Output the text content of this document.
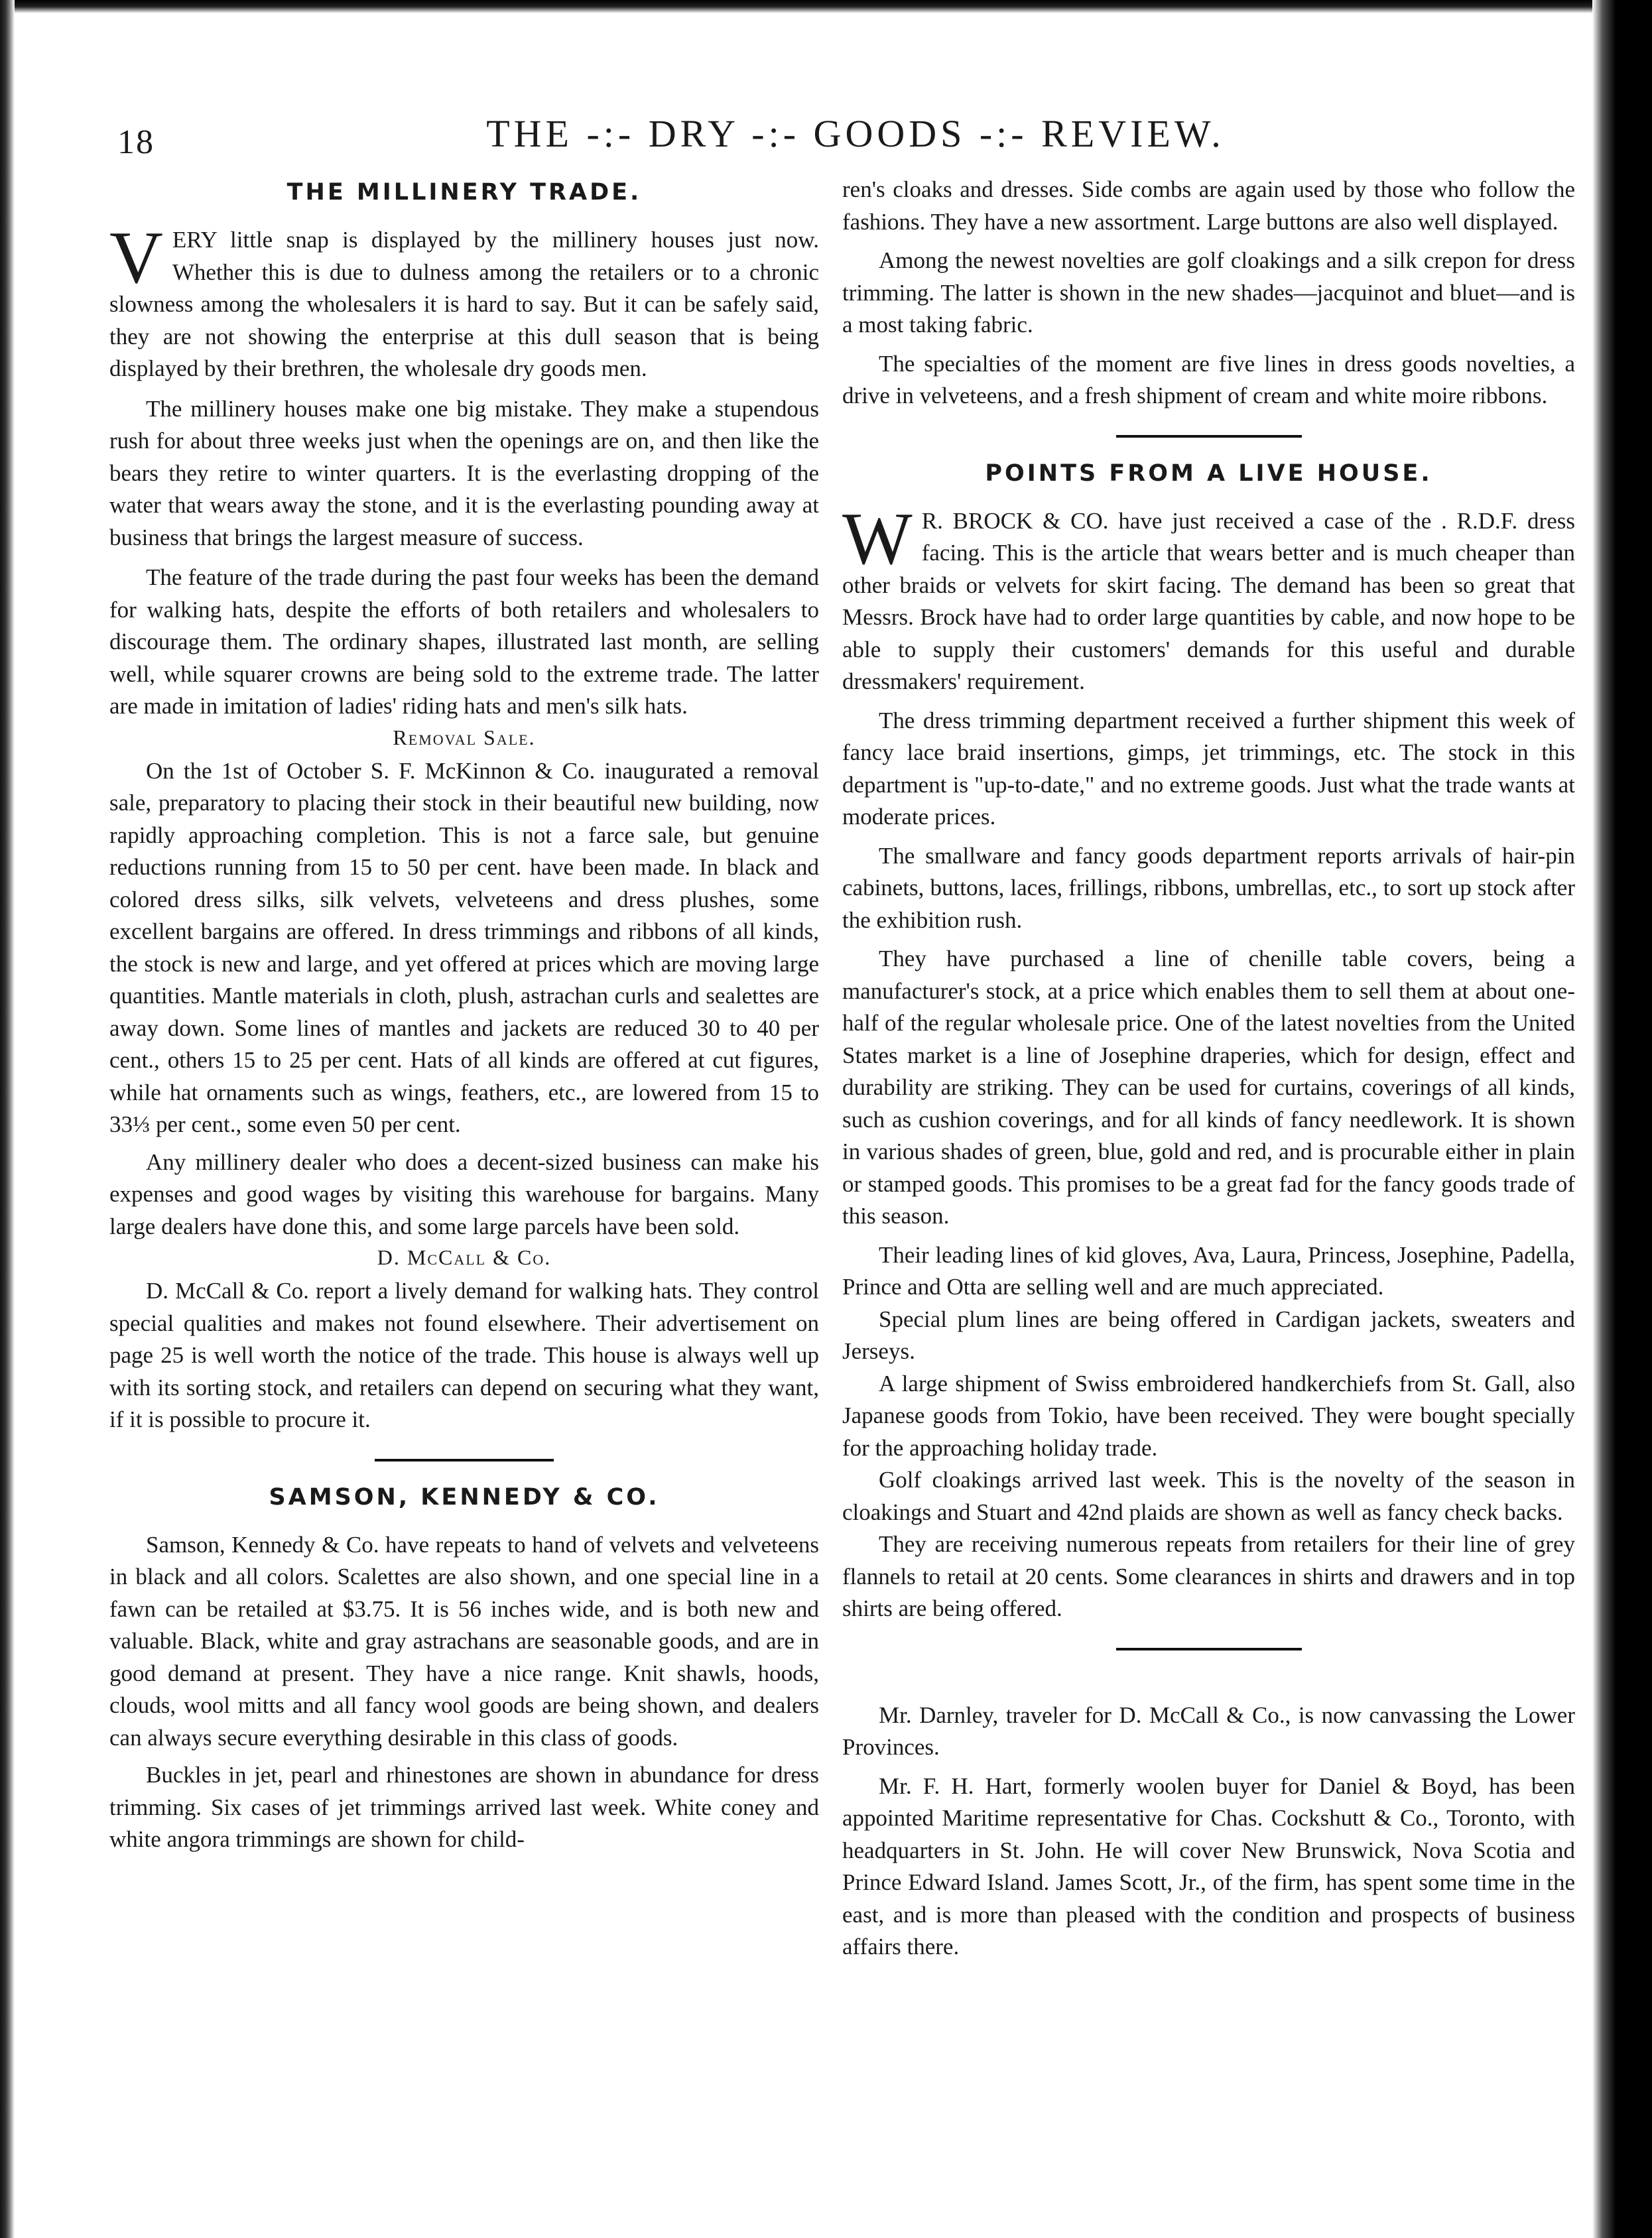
18	THE -:- DRY -:- GOODS -:- REVIEW.
THE MILLINERY TRADE.

VERY little snap is displayed by the millinery houses just now. Whether this is due to dulness among the retailers or to a chronic slowness among the wholesalers it is hard to say. But it can be safely said, they are not showing the enterprise at this dull season that is being displayed by their brethren, the wholesale dry goods men.

The millinery houses make one big mistake. They make a stupendous rush for about three weeks just when the openings are on, and then like the bears they retire to winter quarters. It is the everlasting dropping of the water that wears away the stone, and it is the everlasting pounding away at business that brings the largest measure of success.

The feature of the trade during the past four weeks has been the demand for walking hats, despite the efforts of both retailers and wholesalers to discourage them. The ordinary shapes, illustrated last month, are selling well, while squarer crowns are being sold to the extreme trade. The latter are made in imitation of ladies' riding hats and men's silk hats.

Removal Sale.

On the 1st of October S. F. McKinnon & Co. inaugurated a removal sale, preparatory to placing their stock in their beautiful new building, now rapidly approaching completion. This is not a farce sale, but genuine reductions running from 15 to 50 per cent. have been made. In black and colored dress silks, silk velvets, velveteens and dress plushes, some excellent bargains are offered. In dress trimmings and ribbons of all kinds, the stock is new and large, and yet offered at prices which are moving large quantities. Mantle materials in cloth, plush, astrachan curls and sealettes are away down. Some lines of mantles and jackets are reduced 30 to 40 per cent., others 15 to 25 per cent. Hats of all kinds are offered at cut figures, while hat ornaments such as wings, feathers, etc., are lowered from 15 to 33⅓ per cent., some even 50 per cent.

Any millinery dealer who does a decent-sized business can make his expenses and good wages by visiting this warehouse for bargains. Many large dealers have done this, and some large parcels have been sold.

D. McCall & Co.

D. McCall & Co. report a lively demand for walking hats. They control special qualities and makes not found elsewhere. Their advertisement on page 25 is well worth the notice of the trade. This house is always well up with its sorting stock, and retailers can depend on securing what they want, if it is possible to procure it.

SAMSON, KENNEDY & CO.

Samson, Kennedy & Co. have repeats to hand of velvets and velveteens in black and all colors. Scalettes are also shown, and one special line in a fawn can be retailed at $3.75. It is 56 inches wide, and is both new and valuable. Black, white and gray astrachans are seasonable goods, and are in good demand at present. They have a nice range. Knit shawls, hoods, clouds, wool mitts and all fancy wool goods are being shown, and dealers can always secure everything desirable in this class of goods.

Buckles in jet, pearl and rhinestones are shown in abundance for dress trimming. Six cases of jet trimmings arrived last week. White coney and white angora trimmings are shown for child-

ren's cloaks and dresses. Side combs are again used by those who follow the fashions. They have a new assortment. Large buttons are also well displayed.

Among the newest novelties are golf cloakings and a silk crepon for dress trimming. The latter is shown in the new shades—jacquinot and bluet—and is a most taking fabric.

The specialties of the moment are five lines in dress goods novelties, a drive in velveteens, and a fresh shipment of cream and white moire ribbons.

POINTS FROM A LIVE HOUSE.

W R. BROCK & CO. have just received a case of the . R.D.F. dress facing. This is the article that wears better and is much cheaper than other braids or velvets for skirt facing. The demand has been so great that Messrs. Brock have had to order large quantities by cable, and now hope to be able to supply their customers' demands for this useful and durable dressmakers' requirement.

The dress trimming department received a further shipment this week of fancy lace braid insertions, gimps, jet trimmings, etc. The stock in this department is "up-to-date," and no extreme goods. Just what the trade wants at moderate prices.

The smallware and fancy goods department reports arrivals of hair-pin cabinets, buttons, laces, frillings, ribbons, umbrellas, etc., to sort up stock after the exhibition rush.

They have purchased a line of chenille table covers, being a manufacturer's stock, at a price which enables them to sell them at about one-half of the regular wholesale price. One of the latest novelties from the United States market is a line of Josephine draperies, which for design, effect and durability are striking. They can be used for curtains, coverings of all kinds, such as cushion coverings, and for all kinds of fancy needlework. It is shown in various shades of green, blue, gold and red, and is procurable either in plain or stamped goods. This promises to be a great fad for the fancy goods trade of this season.

Their leading lines of kid gloves, Ava, Laura, Princess, Josephine, Padella, Prince and Otta are selling well and are much appreciated.

Special plum lines are being offered in Cardigan jackets, sweaters and Jerseys.

A large shipment of Swiss embroidered handkerchiefs from St. Gall, also Japanese goods from Tokio, have been received. They were bought specially for the approaching holiday trade.

Golf cloakings arrived last week. This is the novelty of the season in cloakings and Stuart and 42nd plaids are shown as well as fancy check backs.

They are receiving numerous repeats from retailers for their line of grey flannels to retail at 20 cents. Some clearances in shirts and drawers and in top shirts are being offered.

Mr. Darnley, traveler for D. McCall & Co., is now canvassing the Lower Provinces.

Mr. F. H. Hart, formerly woolen buyer for Daniel & Boyd, has been appointed Maritime representative for Chas. Cockshutt & Co., Toronto, with headquarters in St. John. He will cover New Brunswick, Nova Scotia and Prince Edward Island. James Scott, Jr., of the firm, has spent some time in the east, and is more than pleased with the condition and prospects of business affairs there.
